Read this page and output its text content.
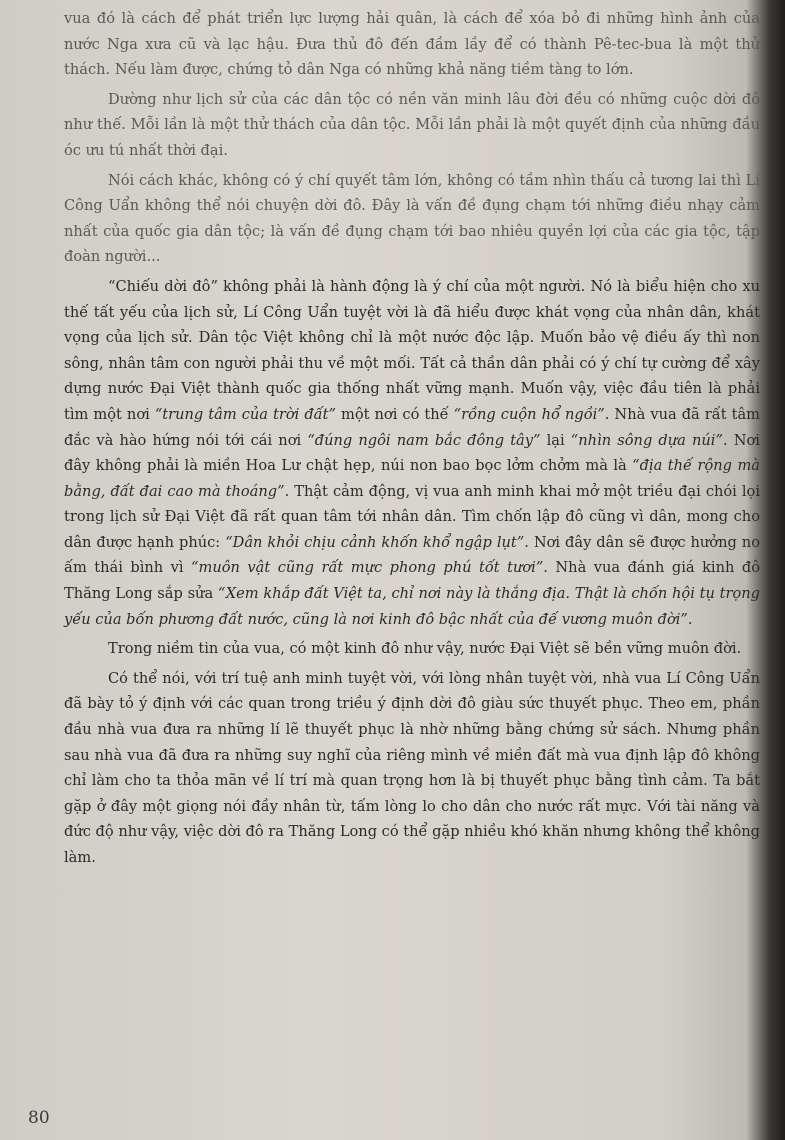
vua đó là cách để phát triển lực lượng hải quân, là cách để xóa bỏ đi những hình ảnh của nước Nga xưa cũ và lạc hậu. Đưa thủ đô đến đầm lầy để có thành Pê-tec-bua là một thử thách. Nếu làm được, chứng tỏ dân Nga có những khả năng tiềm tàng to lớn.

Dường như lịch sử của các dân tộc có nền văn minh lâu đời đều có những cuộc dời đô như thế. Mỗi lần là một thử thách của dân tộc. Mỗi lần phải là một quyết định của những đầu óc ưu tú nhất thời đại.

Nói cách khác, không có ý chí quyết tâm lớn, không có tầm nhìn thấu cả tương lai thì Lí Công Uẩn không thể nói chuyện dời đô. Đây là vấn đề đụng chạm tới những điều nhạy cảm nhất của quốc gia dân tộc; là vấn đề đụng chạm tới bao nhiêu quyền lợi của các gia tộc, tập đoàn người...

“Chiếu dời đô” không phải là hành động là ý chí của một người. Nó là biểu hiện cho xu thế tất yếu của lịch sử, Lí Công Uẩn tuyệt vời là đã hiểu được khát vọng của nhân dân, khát vọng của lịch sử. Dân tộc Việt không chỉ là một nước độc lập. Muốn bảo vệ điều ấy thì non sông, nhân tâm con người phải thu về một mối. Tất cả thần dân phải có ý chí tự cường để xây dựng nước Đại Việt thành quốc gia thống nhất vững mạnh. Muốn vậy, việc đầu tiên là phải tìm một nơi “trung tâm của trời đất” một nơi có thế “rồng cuộn hổ ngồi”. Nhà vua đã rất tâm đắc và hào hứng nói tới cái nơi “đúng ngôi nam bắc đông tây” lại “nhìn sông dựa núi”. Nơi đây không phải là miền Hoa Lư chật hẹp, núi non bao bọc lởm chởm mà là “địa thế rộng mà bằng, đất đai cao mà thoáng”. Thật cảm động, vị vua anh minh khai mở một triều đại chói lọi trong lịch sử Đại Việt đã rất quan tâm tới nhân dân. Tìm chốn lập đô cũng vì dân, mong cho dân được hạnh phúc: “Dân khỏi chịu cảnh khốn khổ ngập lụt”. Nơi đây dân sẽ được hưởng no ấm thái bình vì “muôn vật cũng rất mực phong phú tốt tươi”. Nhà vua đánh giá kinh đô Thăng Long sắp sửa “Xem khắp đất Việt ta, chỉ nơi này là thắng địa. Thật là chốn hội tụ trọng yếu của bốn phương đất nước, cũng là nơi kinh đô bậc nhất của đế vương muôn đời”.

Trong niềm tin của vua, có một kinh đô như vậy, nước Đại Việt sẽ bền vững muôn đời.

Có thể nói, với trí tuệ anh minh tuyệt vời, với lòng nhân tuyệt vời, nhà vua Lí Công Uẩn đã bày tỏ ý định với các quan trong triều ý định dời đô giàu sức thuyết phục. Theo em, phần đầu nhà vua đưa ra những lí lẽ thuyết phục là nhờ những bằng chứng sử sách. Nhưng phần sau nhà vua đã đưa ra những suy nghĩ của riêng mình về miền đất mà vua định lập đô không chỉ làm cho ta thỏa mãn về lí trí mà quan trọng hơn là bị thuyết phục bằng tình cảm. Ta bắt gặp ở đây một giọng nói đầy nhân từ, tấm lòng lo cho dân cho nước rất mực. Với tài năng và đức độ như vậy, việc dời đô ra Thăng Long có thể gặp nhiều khó khăn nhưng không thể không làm.

80
